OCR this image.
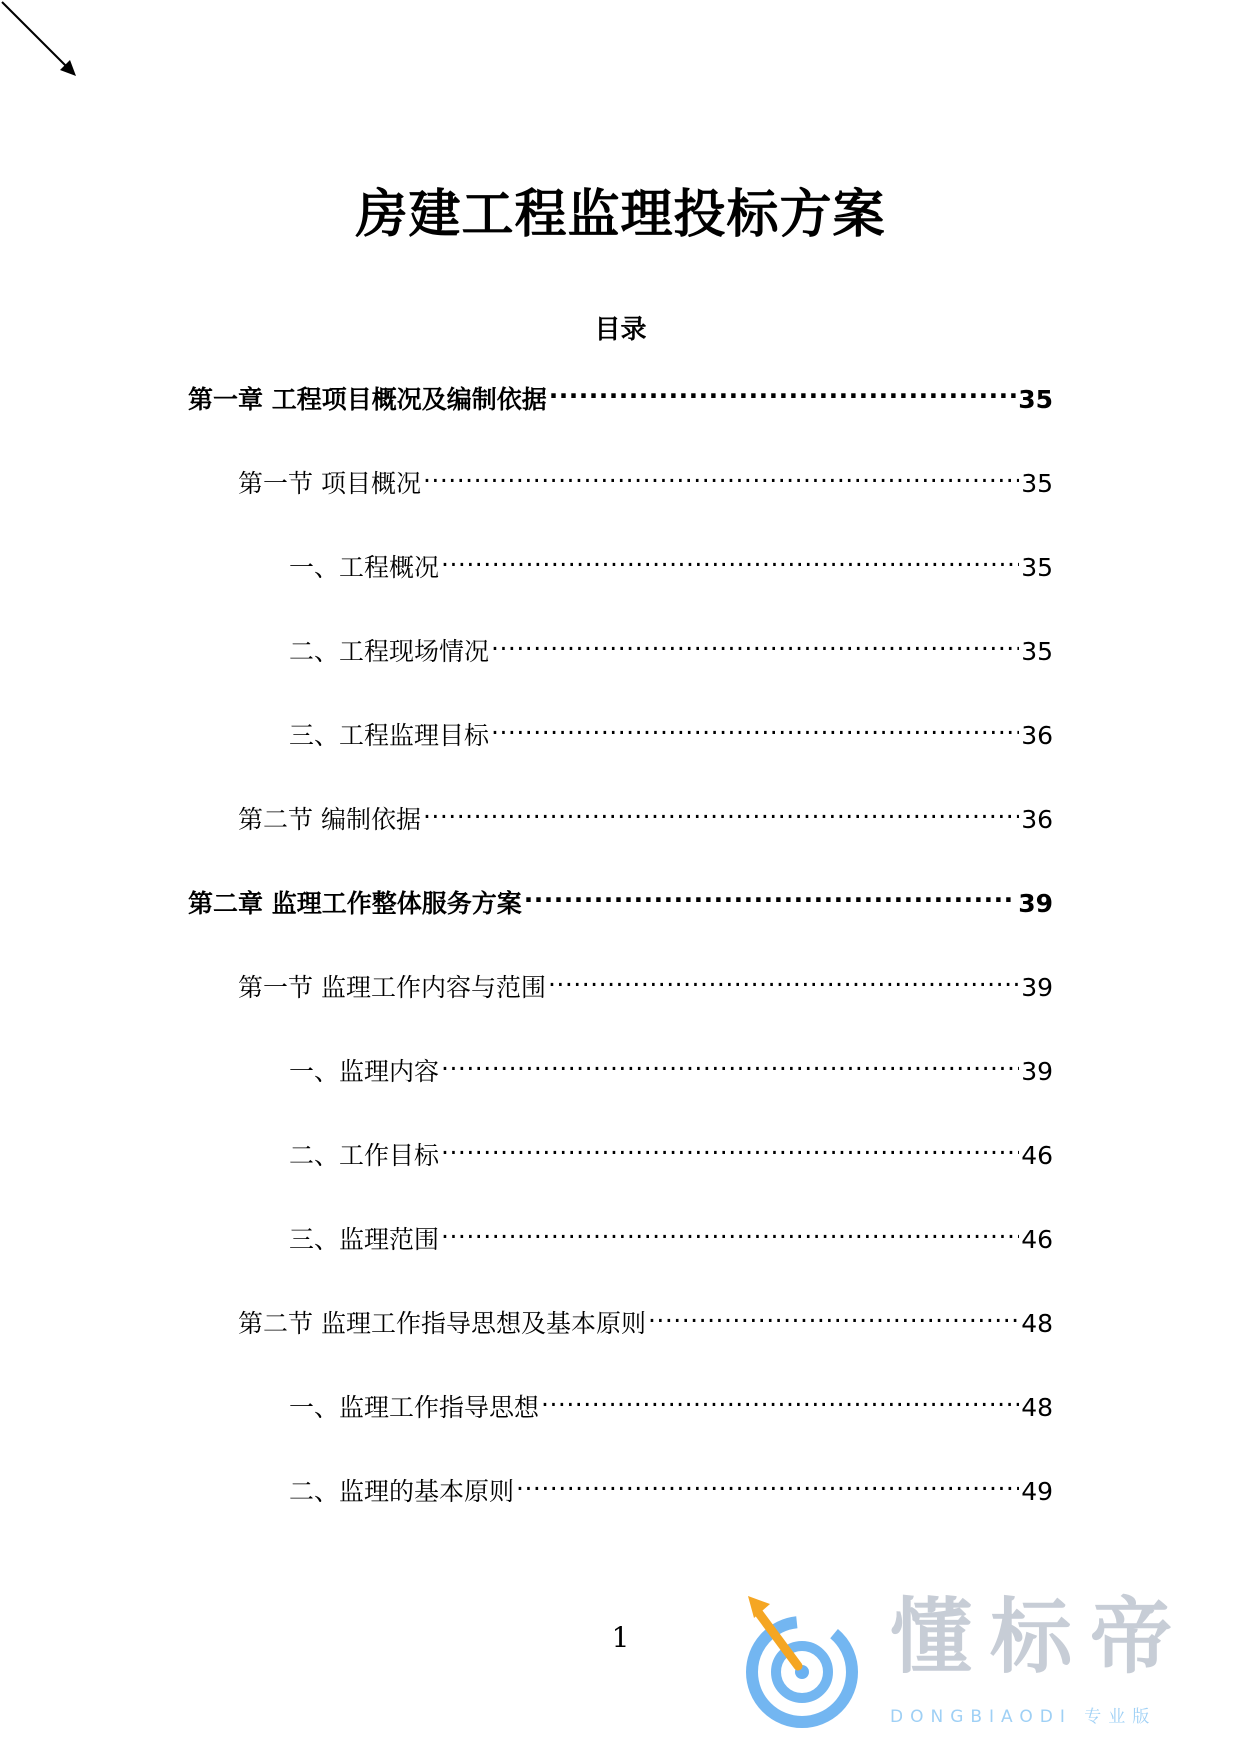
房建工程监理投标方案
目录
第一章 工程项目概况及编制依据 .....	35
第一节 项目概况 .....	35
一、工程概况 .....	35
二、工程现场情况 .....	35
三、工程监理目标 .....	36
第二节 编制依据 .....	36
第二章 监理工作整体服务方案 .....	39
第一节 监理工作内容与范围 .....	39
一、监理内容 .....	39
二、工作目标 .....	46
三、监理范围 .....	46
第二节 监理工作指导思想及基本原则 .....	48
一、监理工作指导思想 .....	48
二、监理的基本原则 .....	49
1	懂标帝
DONGBIAODI 专业版
